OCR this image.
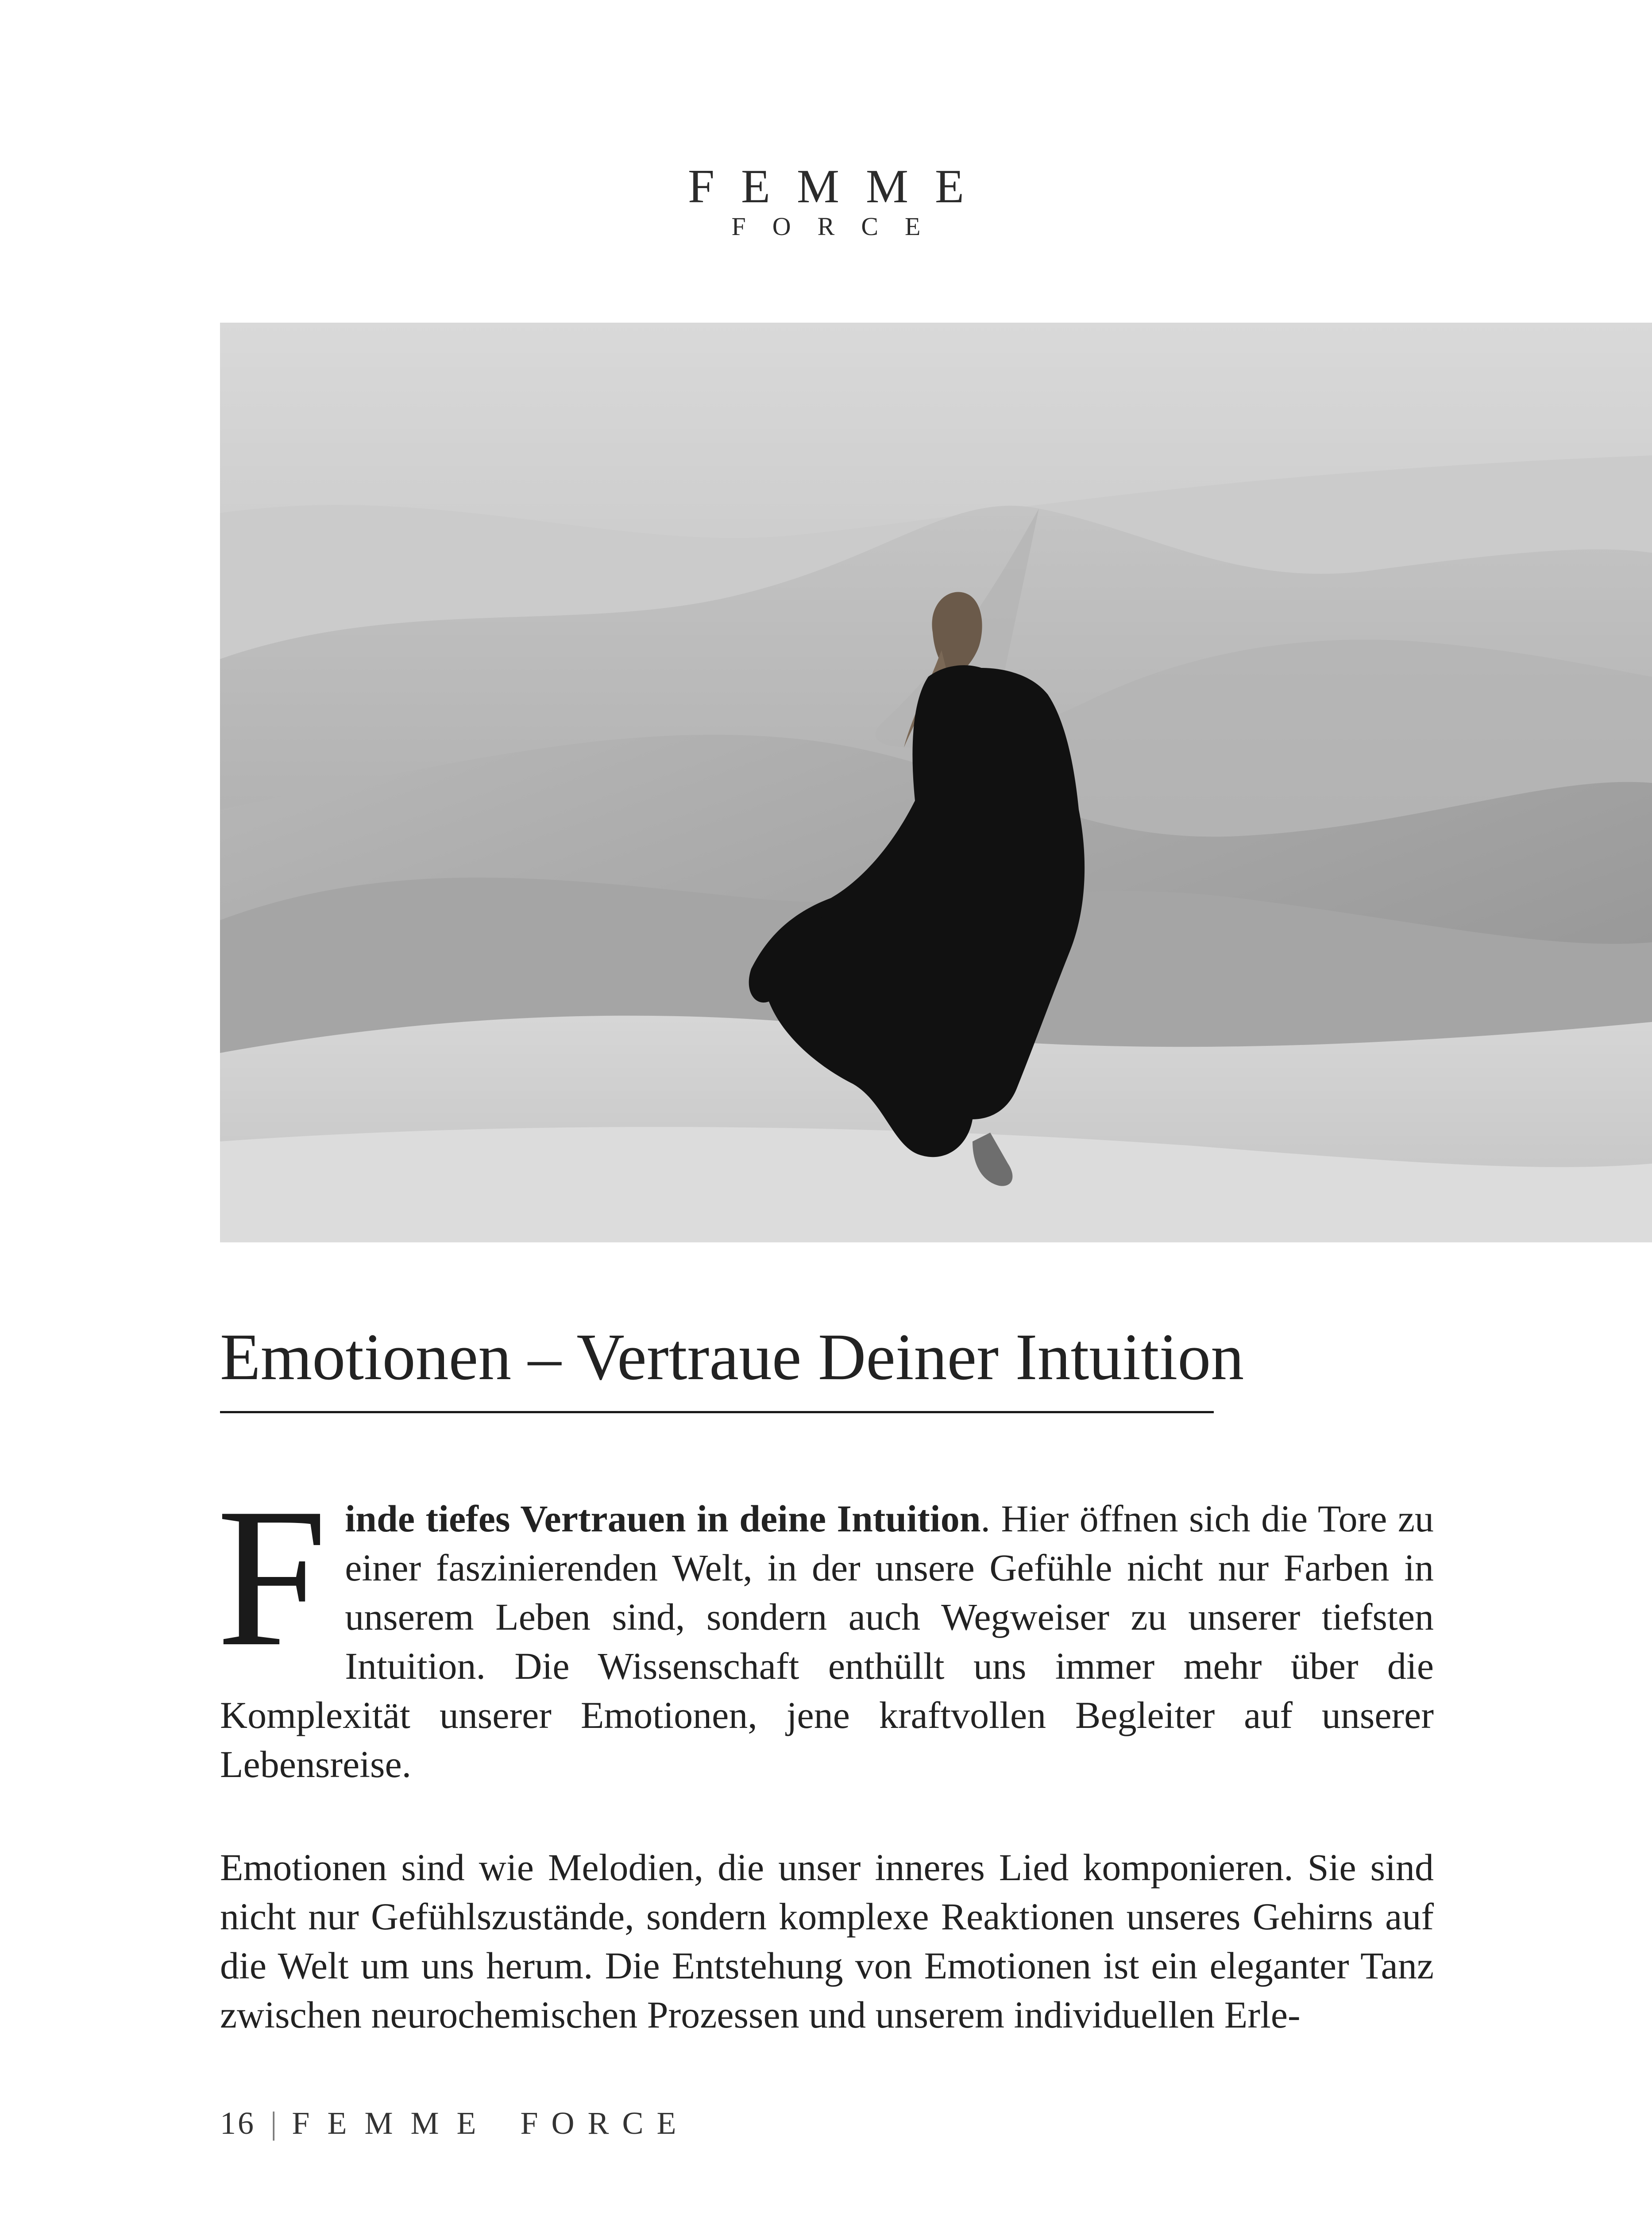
FEMME
FORCE
Emotionen – Vertraue Deiner Intuition

Finde tiefes Vertrauen in deine Intuition. Hier öffnen sich die Tore zu einer faszinierenden Welt, in der unsere Gefühle nicht nur Farben in unserem Leben sind, sondern auch Wegweiser zu unserer tiefsten Intuition. Die Wissenschaft enthüllt uns immer mehr über die Komplexität unserer Emotionen, jene kraftvollen Begleiter auf unserer Lebensreise.

Emotionen sind wie Melodien, die unser inneres Lied komponieren. Sie sind nicht nur Gefühlszustände, sondern komplexe Reaktionen unseres Gehirns auf die Welt um uns herum. Die Entstehung von Emotionen ist ein eleganter Tanz zwischen neurochemischen Prozessen und unserem individuellen Erle-

16 | FEMME FORCE
